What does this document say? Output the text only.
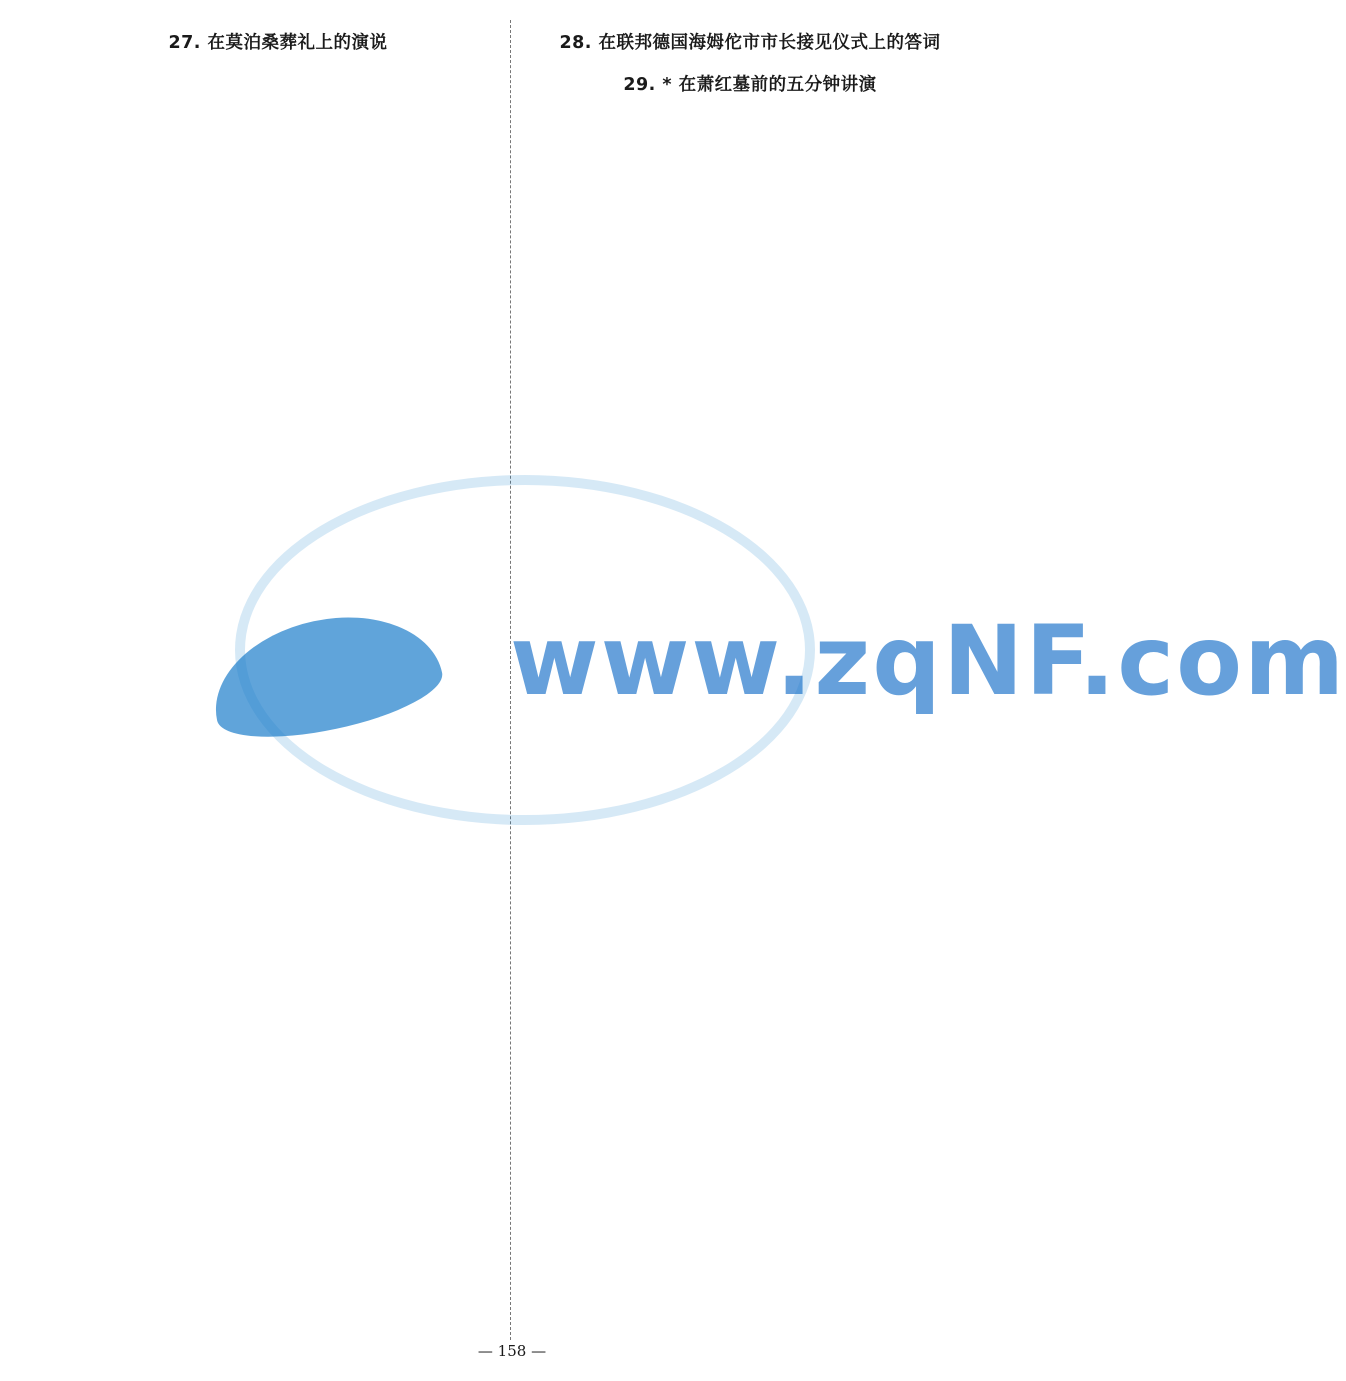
27. 在莫泊桑葬礼上的演说	28. 在联邦德国海姆佗市市长接见仪式上的答词

29. * 在萧红墓前的五分钟讲演

www.zqNF.com
— 158 —
